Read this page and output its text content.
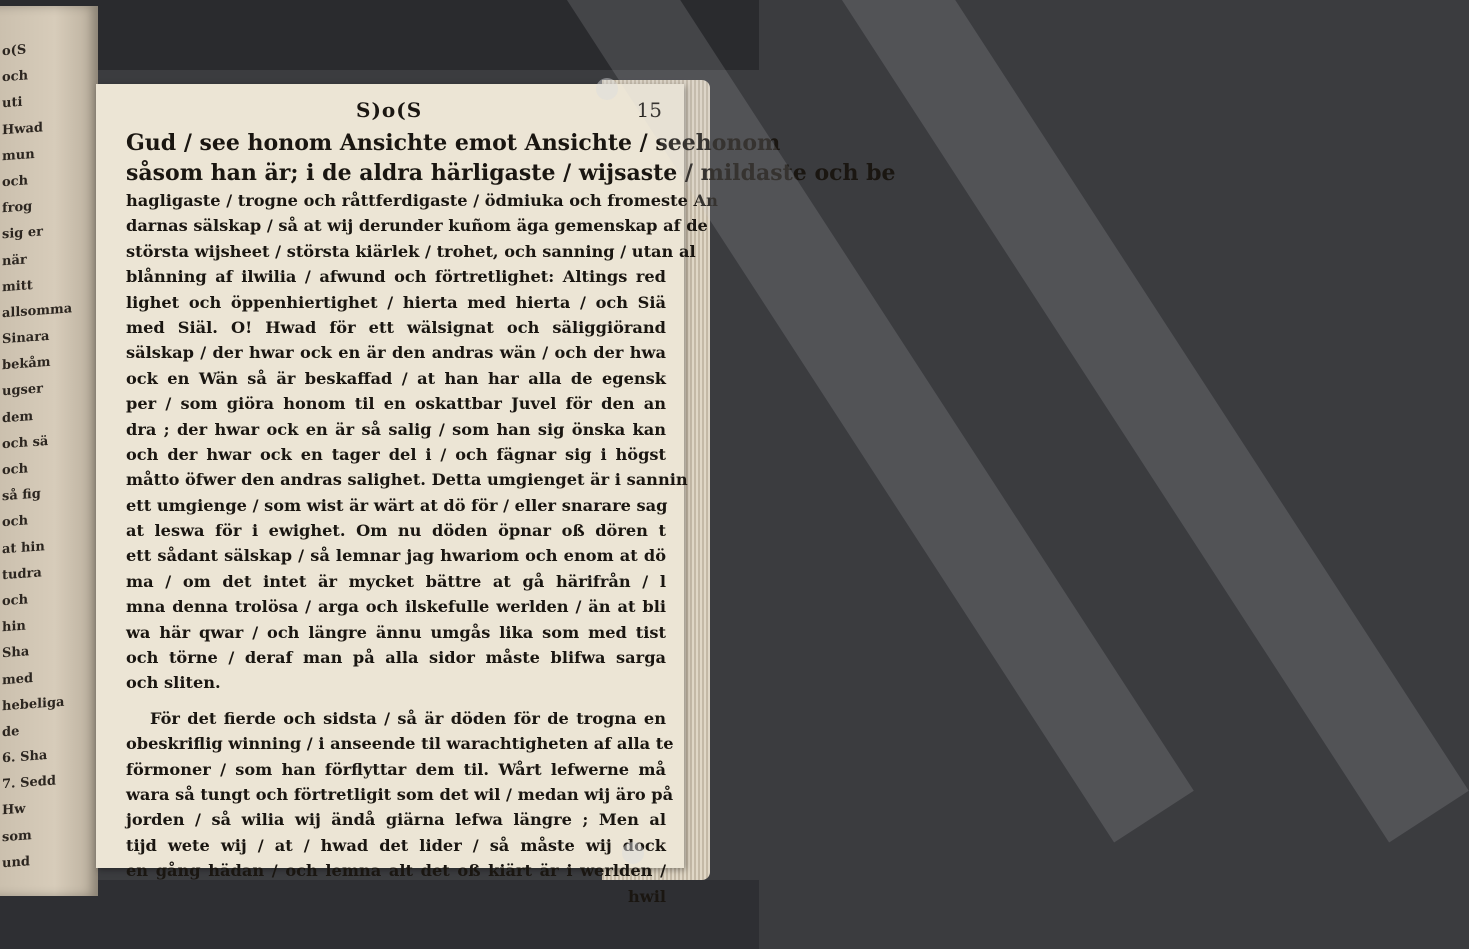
o(S
och
uti
Hwad
mun
och
frog
sig er
när
mitt
allsomma
Sinara
bekåm
ugser
dem
och sä
och
så fig
och
at hin
tudra
och
hin
Sha
med
hebeliga
de
6. Sha
7. Sedd
Hw
som
und
S)o(S	15
Gud / see honom Ansichte emot Ansichte / seehonom
såsom han är; i de aldra härligaste / wijsaste / mildaste och be
hagligaste / trogne och råttferdigaste / ödmiuka och fromeste An
darnas sälskap / så at wij derunder kuñom äga gemenskap af de
största wijsheet / största kiärlek / trohet, och sanning / utan al
blånning af ilwilia / afwund och förtretlighet: Altings red
lighet och öppenhiertighet / hierta med hierta / och Siä
med Siäl. O! Hwad för ett wälsignat och säliggiörand
sälskap / der hwar ock en är den andras wän / och der hwa
ock en Wän så är beskaffad / at han har alla de egensk
per / som giöra honom til en oskattbar Juvel för den an
dra ; der hwar ock en är så salig / som han sig önska kan
och der hwar ock en tager del i / och fägnar sig i högst
måtto öfwer den andras salighet. Detta umgienget är i sannin
ett umgienge / som wist är wärt at dö för / eller snarare sag
at leswa för i ewighet. Om nu döden öpnar oß dören t
ett sådant sälskap / så lemnar jag hwariom och enom at dö
ma / om det intet är mycket bättre at gå härifrån / l
mna denna trolösa / arga och ilskefulle werlden / än at bli
wa här qwar / och längre ännu umgås lika som med tist
och törne / deraf man på alla sidor måste blifwa sarga
och sliten.
För det fierde och sidsta / så är döden för de trogna en
obeskriflig winning / i anseende til warachtigheten af alla te
förmoner / som han förflyttar dem til. Wårt lefwerne må
wara så tungt och förtretligit som det wil / medan wij äro på
jorden / så wilia wij ändå giärna lefwa längre ; Men al
tijd wete wij / at / hwad det lider / så måste wij dock
en gång hädan / och lemna alt det oß kiärt är i werlden /
hwil
